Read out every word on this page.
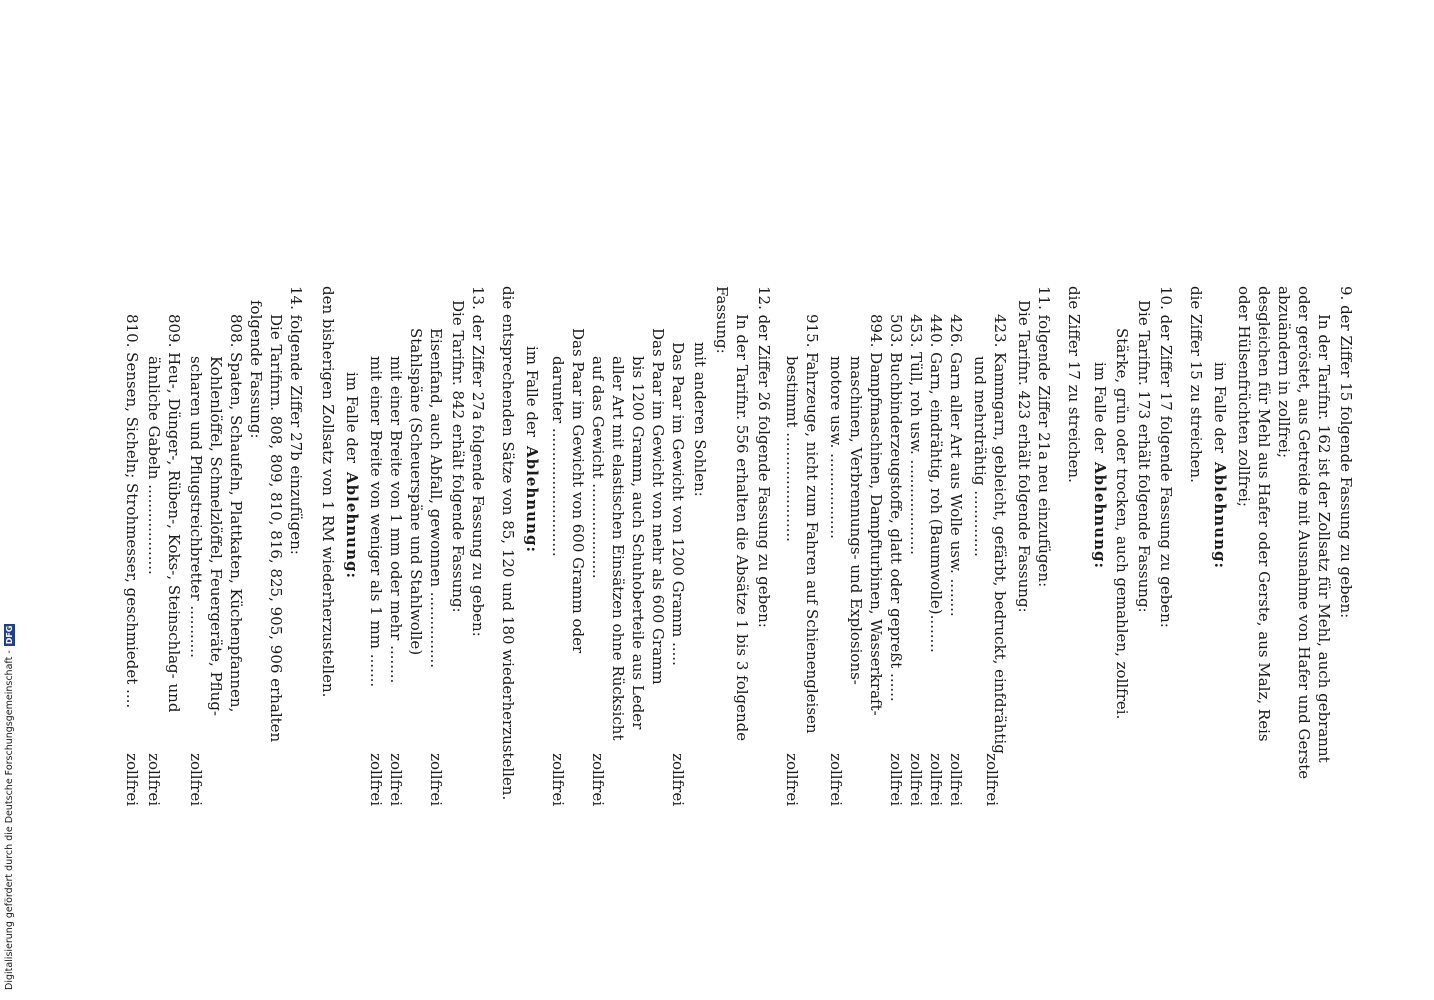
9. der Ziffer 15 folgende Fassung zu geben:
In der Tarifnr. 162 ist der Zollsatz für Mehl, auch gebrannt
oder geröstet, aus Getreide mit Ausnahme von Hafer und Gerste
abzuändern in zollfrei;
desgleichen für Mehl aus Hafer oder Gerste, aus Malz, Reis
oder Hülsenfrüchten zollfrei;
im Falle der
die Ziffer 15 zu streichen.
10. der Ziffer 17 folgende Fassung zu geben:
Die Tarifnr. 173 erhält folgende Fassung:
Stärke, grün oder trocken, auch gemahlen, zollfrei.
im Falle der
die Ziffer 17 zu streichen.
11. folgende Ziffer 21a neu einzufügen:
Die Tarifnr. 423 erhält folgende Fassung:
423. Kammgarn, gebleicht, gefärbt, bedruckt, einfdrähtig
und mehrdrähtig ..............
426. Garn aller Art aus Wolle usw. ........
440. Garn, eindrähtig, roh (Baumwolle)........
453. Tüll, roh usw. ....................
503. Buchbinderzeugstoffe, glatt oder gepreßt ......
894. Dampfmaschinen, Dampfturbinen, Wasserkraft-
maschinen, Verbrennungs- und Explosions-
motore usw. ..................
915. Fahrzeuge, nicht zum Fahren auf Schienengleisen
bestimmt .......................
12. der Ziffer 26 folgende Fassung zu geben:
In der Tarifnr. 556 erhalten die Absätze 1 bis 3 folgende
Fassung:
mit anderen Sohlen:
Das Paar im Gewicht von 1200 Gramm .....
Das Paar im Gewicht von mehr als 600 Gramm
bis 1200 Gramm, auch Schuhoberteile aus Leder
aller Art mit elastischen Einsätzen ohne Rücksicht
auf das Gewicht ....................
Das Paar im Gewicht von 600 Gramm oder
darunter ...........................
im Falle der
die entsprechenden Sätze von 85, 120 und 180 wiederherzustellen.
13. der Ziffer 27a folgende Fassung zu geben:
Die Tarifnr. 842 erhält folgende Fassung:
Eisenfand, auch Abfall, gewonnen ................
Stahlspäne (Scheuerspäne und Stahlwolle)
mit einer Breite von 1 mm oder mehr ........
mit einer Breite von weniger als 1 mm .......
im Falle der
den bisherigen Zollsatz von 1 RM wiederherzustellen.
14. folgende Ziffer 27b einzufügen:
Die Tarifnrn. 808, 809, 810, 816, 825, 905, 906 erhalten
folgende Fassung:
808. Spaten, Schaufeln, Plattkaten, Küchenpfannen,
Kohlenlöffel, Schmelzlöffel, Feuergeräte, Pflug-
scharen und Pflugstreichbretter ...........
809. Heu-, Dünger-, Rüben-, Koks-, Steinschlag- und
ähnliche Gabeln ...................
810. Sensen, Sicheln; Strohmesser, geschmiedet ....	Ablehnung:
Ablehnung:
Ablehnung:
Ablehnung:
zollfrei
zollfrei
zollfrei
zollfrei
zollfrei
zollfrei
zollfrei
zollfrei
zollfrei
zollfrei
zollfrei
zollfrei
zollfrei
zollfrei
zollfrei
zollfrei
Digitalisierung gefördert durch die Deutsche Forschungsgemeinschaft -
DFG
